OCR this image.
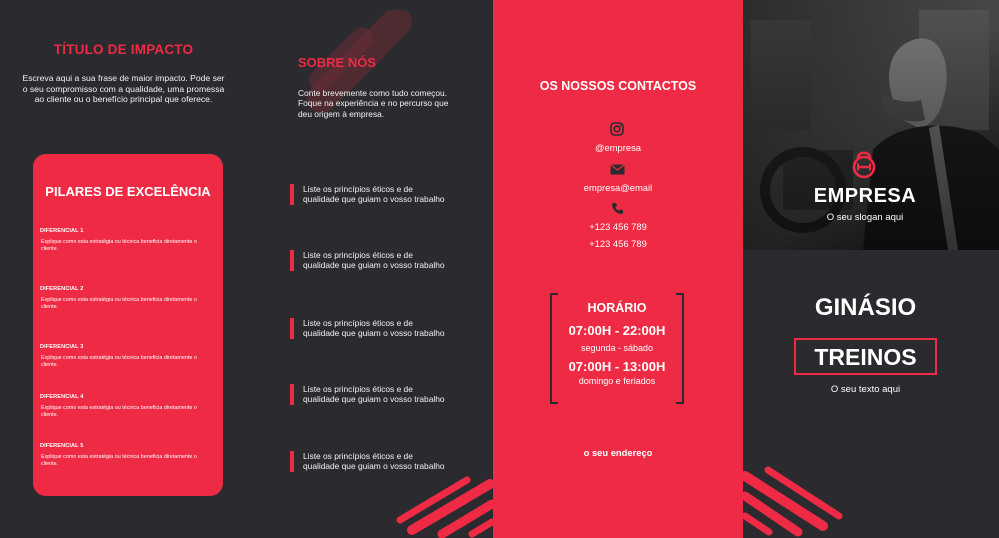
TÍTULO DE IMPACTO
Escreva aqui a sua frase de maior impacto. Pode ser o seu compromisso com a qualidade, uma promessa ao cliente ou o benefício principal que oferece.
PILARES DE EXCELÊNCIA
DIFERENCIAL 1
Explique como esta estratégia ou técnica beneficia diretamente o cliente.
DIFERENCIAL 2
Explique como esta estratégia ou técnica beneficia diretamente o cliente.
DIFERENCIAL 3
Explique como esta estratégia ou técnica beneficia diretamente o cliente.
DIFERENCIAL 4
Explique como esta estratégia ou técnica beneficia diretamente o cliente.
DIFERENCIAL 5
Explique como esta estratégia ou técnica beneficia diretamente o cliente.
SOBRE NÓS
Conte brevemente como tudo começou. Foque na experiência e no percurso que deu origem à empresa.
Liste os princípios éticos e de qualidade que guiam o vosso trabalho
Liste os princípios éticos e de qualidade que guiam o vosso trabalho
Liste os princípios éticos e de qualidade que guiam o vosso trabalho
Liste os princípios éticos e de qualidade que guiam o vosso trabalho
Liste os princípios éticos e de qualidade que guiam o vosso trabalho
OS NOSSOS CONTACTOS
@empresa
empresa@email
+123 456 789
+123 456 789
HORÁRIO
07:00H - 22:00H
segunda - sábado
07:00H - 13:00H
domingo e feriados
o seu endereço
EMPRESA
O seu slogan aqui
GINÁSIO
TREINOS
O seu texto aqui
